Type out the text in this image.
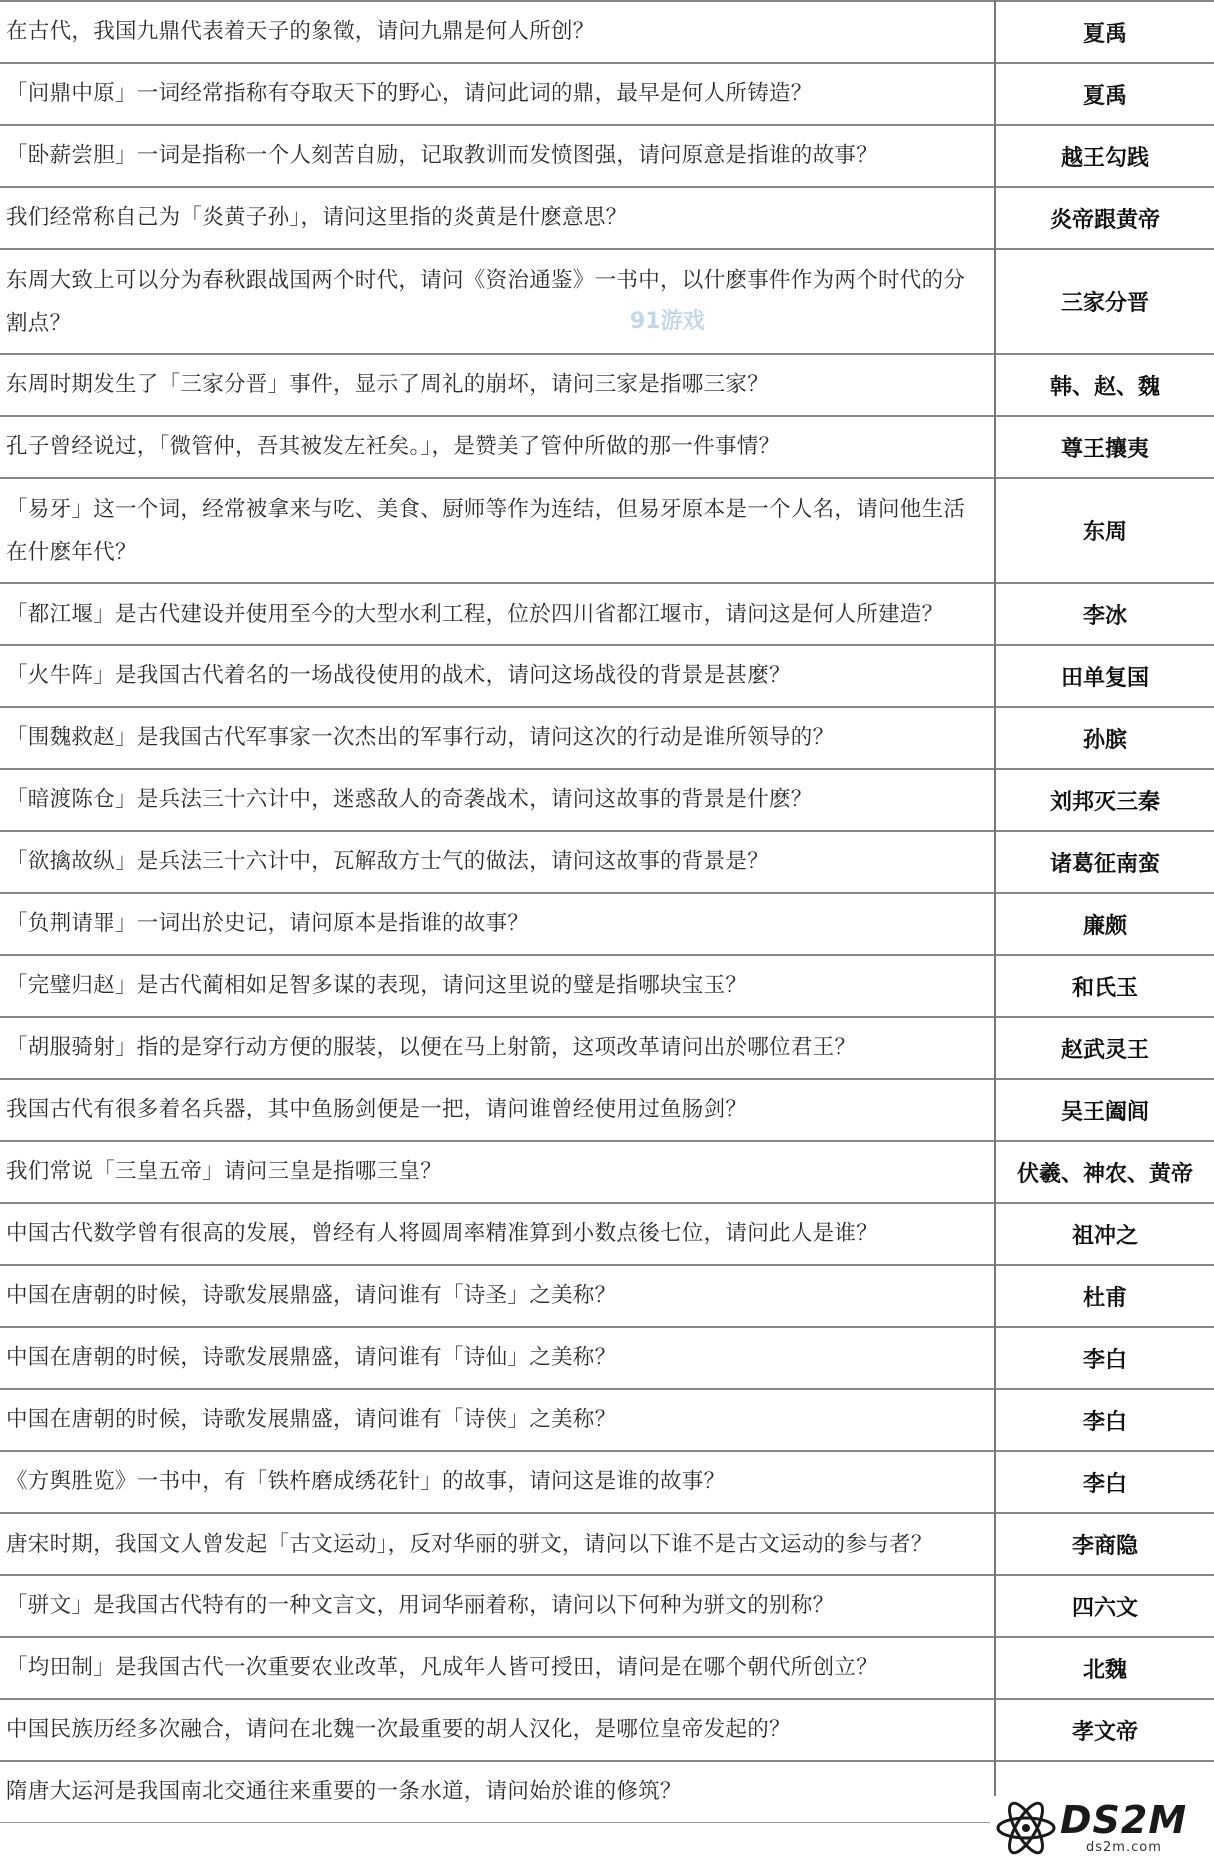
在古代，我国九鼎代表着天子的象徵，请问九鼎是何人所创？	夏禹
「问鼎中原」一词经常指称有夺取天下的野心，请问此词的鼎，最早是何人所铸造？	夏禹
「卧薪尝胆」一词是指称一个人刻苦自励，记取教训而发愤图强，请问原意是指谁的故事？	越王勾践
我们经常称自己为「炎黄子孙」，请问这里指的炎黄是什麽意思？	炎帝跟黄帝
东周大致上可以分为春秋跟战国两个时代，请问《资治通鉴》一书中，以什麽事件作为两个时代的分割点？	三家分晋
东周时期发生了「三家分晋」事件，显示了周礼的崩坏，请问三家是指哪三家？	韩、赵、魏
孔子曾经说过，「微管仲，吾其被发左衽矣。」，是赞美了管仲所做的那一件事情？	尊王攘夷
「易牙」这一个词，经常被拿来与吃、美食、厨师等作为连结，但易牙原本是一个人名，请问他生活在什麽年代？	东周
「都江堰」是古代建设并使用至今的大型水利工程，位於四川省都江堰市，请问这是何人所建造？	李冰
「火牛阵」是我国古代着名的一场战役使用的战术，请问这场战役的背景是甚麼？	田单复国
「围魏救赵」是我国古代军事家一次杰出的军事行动，请问这次的行动是谁所领导的？	孙膑
「暗渡陈仓」是兵法三十六计中，迷惑敌人的奇袭战术，请问这故事的背景是什麽？	刘邦灭三秦
「欲擒故纵」是兵法三十六计中，瓦解敌方士气的做法，请问这故事的背景是？	诸葛征南蛮
「负荆请罪」一词出於史记，请问原本是指谁的故事？	廉颇
「完璧归赵」是古代蔺相如足智多谋的表现，请问这里说的璧是指哪块宝玉？	和氏玉
「胡服骑射」指的是穿行动方便的服装，以便在马上射箭，这项改革请问出於哪位君王？	赵武灵王
我国古代有很多着名兵器，其中鱼肠剑便是一把，请问谁曾经使用过鱼肠剑？	吴王阖闾
我们常说「三皇五帝」请问三皇是指哪三皇？	伏羲、神农、黄帝
中国古代数学曾有很高的发展，曾经有人将圆周率精准算到小数点後七位，请问此人是谁？	祖冲之
中国在唐朝的时候，诗歌发展鼎盛，请问谁有「诗圣」之美称？	杜甫
中国在唐朝的时候，诗歌发展鼎盛，请问谁有「诗仙」之美称？	李白
中国在唐朝的时候，诗歌发展鼎盛，请问谁有「诗侠」之美称？	李白
《方舆胜览》一书中，有「铁杵磨成绣花针」的故事，请问这是谁的故事？	李白
唐宋时期，我国文人曾发起「古文运动」，反对华丽的骈文，请问以下谁不是古文运动的参与者？	李商隐
「骈文」是我国古代特有的一种文言文，用词华丽着称，请问以下何种为骈文的别称？	四六文
「均田制」是我国古代一次重要农业改革，凡成年人皆可授田，请问是在哪个朝代所创立？	北魏
中国民族历经多次融合，请问在北魏一次最重要的胡人汉化，是哪位皇帝发起的？	孝文帝
隋唐大运河是我国南北交通往来重要的一条水道，请问始於谁的修筑？	
91游戏
DS2M
ds2m.com
